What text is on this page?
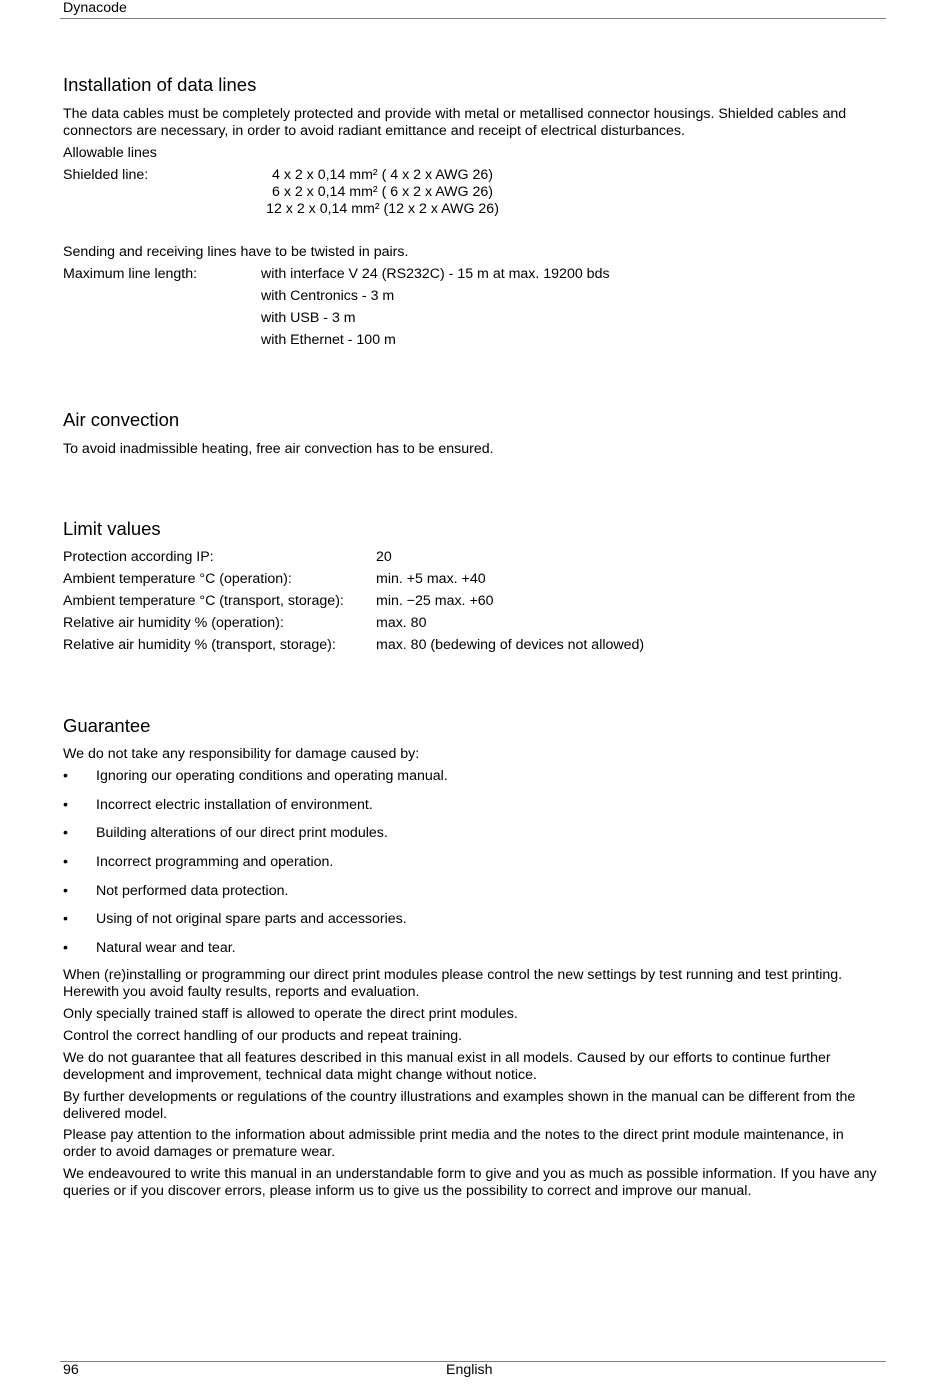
Dynacode
Installation of data lines
The data cables must be completely protected and provide with metal or metallised connector housings. Shielded cables and connectors are necessary, in order to avoid radiant emittance and receipt of electrical disturbances.
Allowable lines
Shielded line:	4 x 2 x 0,14 mm² ( 4 x 2 x AWG 26)
6 x 2 x 0,14 mm² ( 6 x 2 x AWG 26)
12 x 2 x 0,14 mm² (12 x 2 x AWG 26)
Sending and receiving lines have to be twisted in pairs.
Maximum line length:	with interface V 24 (RS232C) - 15 m at max. 19200 bds
with Centronics - 3 m
with USB - 3 m
with Ethernet - 100 m
Air convection
To avoid inadmissible heating, free air convection has to be ensured.
Limit values
Protection according IP:	20
Ambient temperature °C (operation):	min. +5 max. +40
Ambient temperature °C (transport, storage): min. −25 max. +60
Relative air humidity % (operation):	max. 80
Relative air humidity % (transport, storage):	max. 80 (bedewing of devices not allowed)
Guarantee
We do not take any responsibility for damage caused by:
• Ignoring our operating conditions and operating manual.
• Incorrect electric installation of environment.
• Building alterations of our direct print modules.
• Incorrect programming and operation.
• Not performed data protection.
• Using of not original spare parts and accessories.
• Natural wear and tear.
When (re)installing or programming our direct print modules please control the new settings by test running and test printing. Herewith you avoid faulty results, reports and evaluation.
Only specially trained staff is allowed to operate the direct print modules.
Control the correct handling of our products and repeat training.
We do not guarantee that all features described in this manual exist in all models. Caused by our efforts to continue further development and improvement, technical data might change without notice.
By further developments or regulations of the country illustrations and examples shown in the manual can be different from the delivered model.
Please pay attention to the information about admissible print media and the notes to the direct print module maintenance, in order to avoid damages or premature wear.
We endeavoured to write this manual in an understandable form to give and you as much as possible information. If you have any queries or if you discover errors, please inform us to give us the possibility to correct and improve our manual.
96	English
